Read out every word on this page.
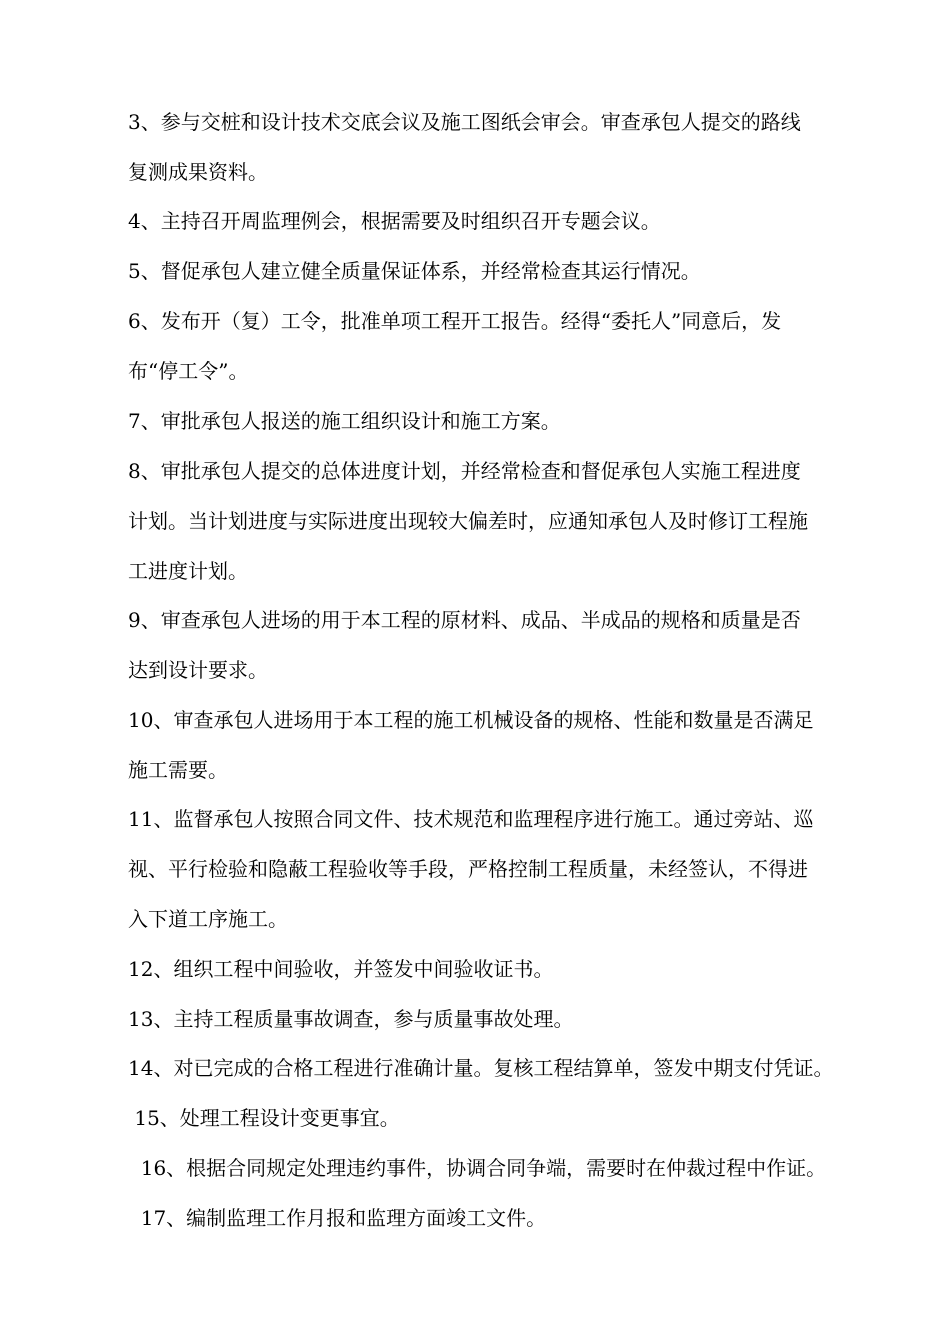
3、参与交桩和设计技术交底会议及施工图纸会审会。审查承包人提交的路线
复测成果资料。
4、主持召开周监理例会，根据需要及时组织召开专题会议。
5、督促承包人建立健全质量保证体系，并经常检查其运行情况。
6、发布开（复）工令，批准单项工程开工报告。经得“委托人”同意后，发
布“停工令”。
7、审批承包人报送的施工组织设计和施工方案。
8、审批承包人提交的总体进度计划，并经常检查和督促承包人实施工程进度
计划。当计划进度与实际进度出现较大偏差时，应通知承包人及时修订工程施
工进度计划。
9、审查承包人进场的用于本工程的原材料、成品、半成品的规格和质量是否
达到设计要求。
10、审查承包人进场用于本工程的施工机械设备的规格、性能和数量是否满足
施工需要。
11、监督承包人按照合同文件、技术规范和监理程序进行施工。通过旁站、巡
视、平行检验和隐蔽工程验收等手段，严格控制工程质量，未经签认，不得进
入下道工序施工。
12、组织工程中间验收，并签发中间验收证书。
13、主持工程质量事故调查，参与质量事故处理。
14、对已完成的合格工程进行准确计量。复核工程结算单，签发中期支付凭证。
15、处理工程设计变更事宜。
16、根据合同规定处理违约事件，协调合同争端，需要时在仲裁过程中作证。
17、编制监理工作月报和监理方面竣工文件。
